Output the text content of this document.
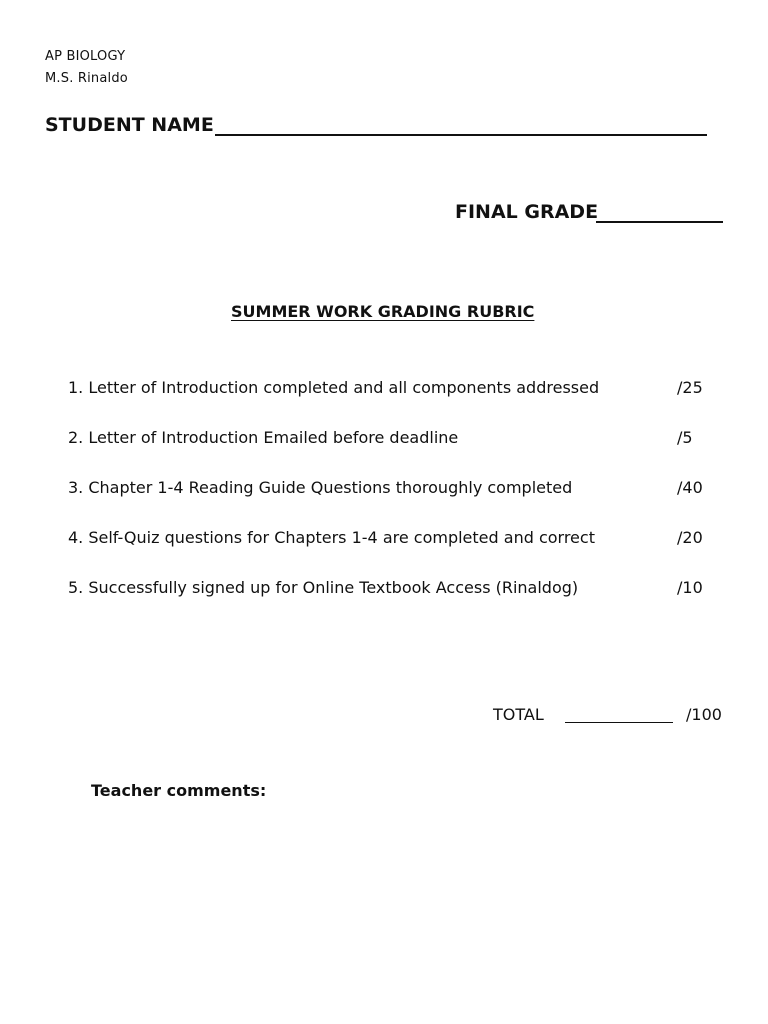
AP BIOLOGY
M.S. Rinaldo
STUDENT NAME
FINAL GRADE
SUMMER WORK GRADING RUBRIC
1. Letter of Introduction completed and all components addressed	/25
2. Letter of Introduction Emailed before deadline	/5
3. Chapter 1-4 Reading Guide Questions thoroughly completed	/40
4. Self-Quiz questions for Chapters 1-4 are completed and correct	/20
5. Successfully signed up for Online Textbook Access (Rinaldog)	/10
TOTAL	/100
Teacher comments:
